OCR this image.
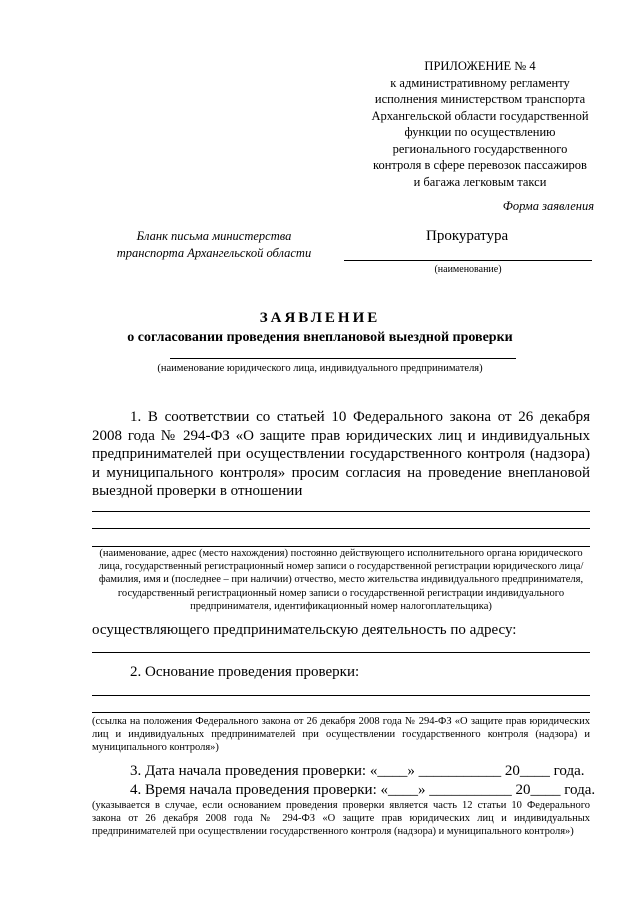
ПРИЛОЖЕНИЕ № 4
к административному регламенту
исполнения министерством транспорта
Архангельской области государственной
функции по осуществлению
регионального государственного
контроля в сфере перевозок пассажиров
и багажа легковым такси
Форма заявления
Бланк письма министерства
транспорта Архангельской области
Прокуратура
(наименование)
ЗАЯВЛЕНИЕ
о согласовании проведения внеплановой выездной проверки
(наименование юридического лица, индивидуального предпринимателя)
1. В соответствии со статьей 10 Федерального закона от 26 декабря 2008 года № 294-ФЗ «О защите прав юридических лиц и индивидуальных предпринимателей при осуществлении государственного контроля (надзора) и муниципального контроля» просим согласия на проведение внеплановой выездной проверки в отношении
(наименование, адрес (место нахождения) постоянно действующего исполнительного органа юридического лица, государственный регистрационный номер записи о государственной регистрации юридического лица/ фамилия, имя и (последнее – при наличии) отчество, место жительства индивидуального предпринимателя, государственный регистрационный номер записи о государственной регистрации индивидуального предпринимателя, идентификационный номер налогоплательщика)
осуществляющего предпринимательскую деятельность по адресу:
2. Основание проведения проверки:
(ссылка на положения Федерального закона от 26 декабря 2008 года № 294-ФЗ «О защите прав юридических лиц и индивидуальных предпринимателей при осуществлении государственного контроля (надзора) и муниципального контроля»)
3. Дата начала проведения проверки: «____» ___________ 20____ года.
4. Время начала проведения проверки: «____» ___________ 20____ года.
(указывается в случае, если основанием проведения проверки является часть 12 статьи 10 Федерального закона от 26 декабря 2008 года № 294-ФЗ «О защите прав юридических лиц и индивидуальных предпринимателей при осуществлении государственного контроля (надзора) и муниципального контроля»)
